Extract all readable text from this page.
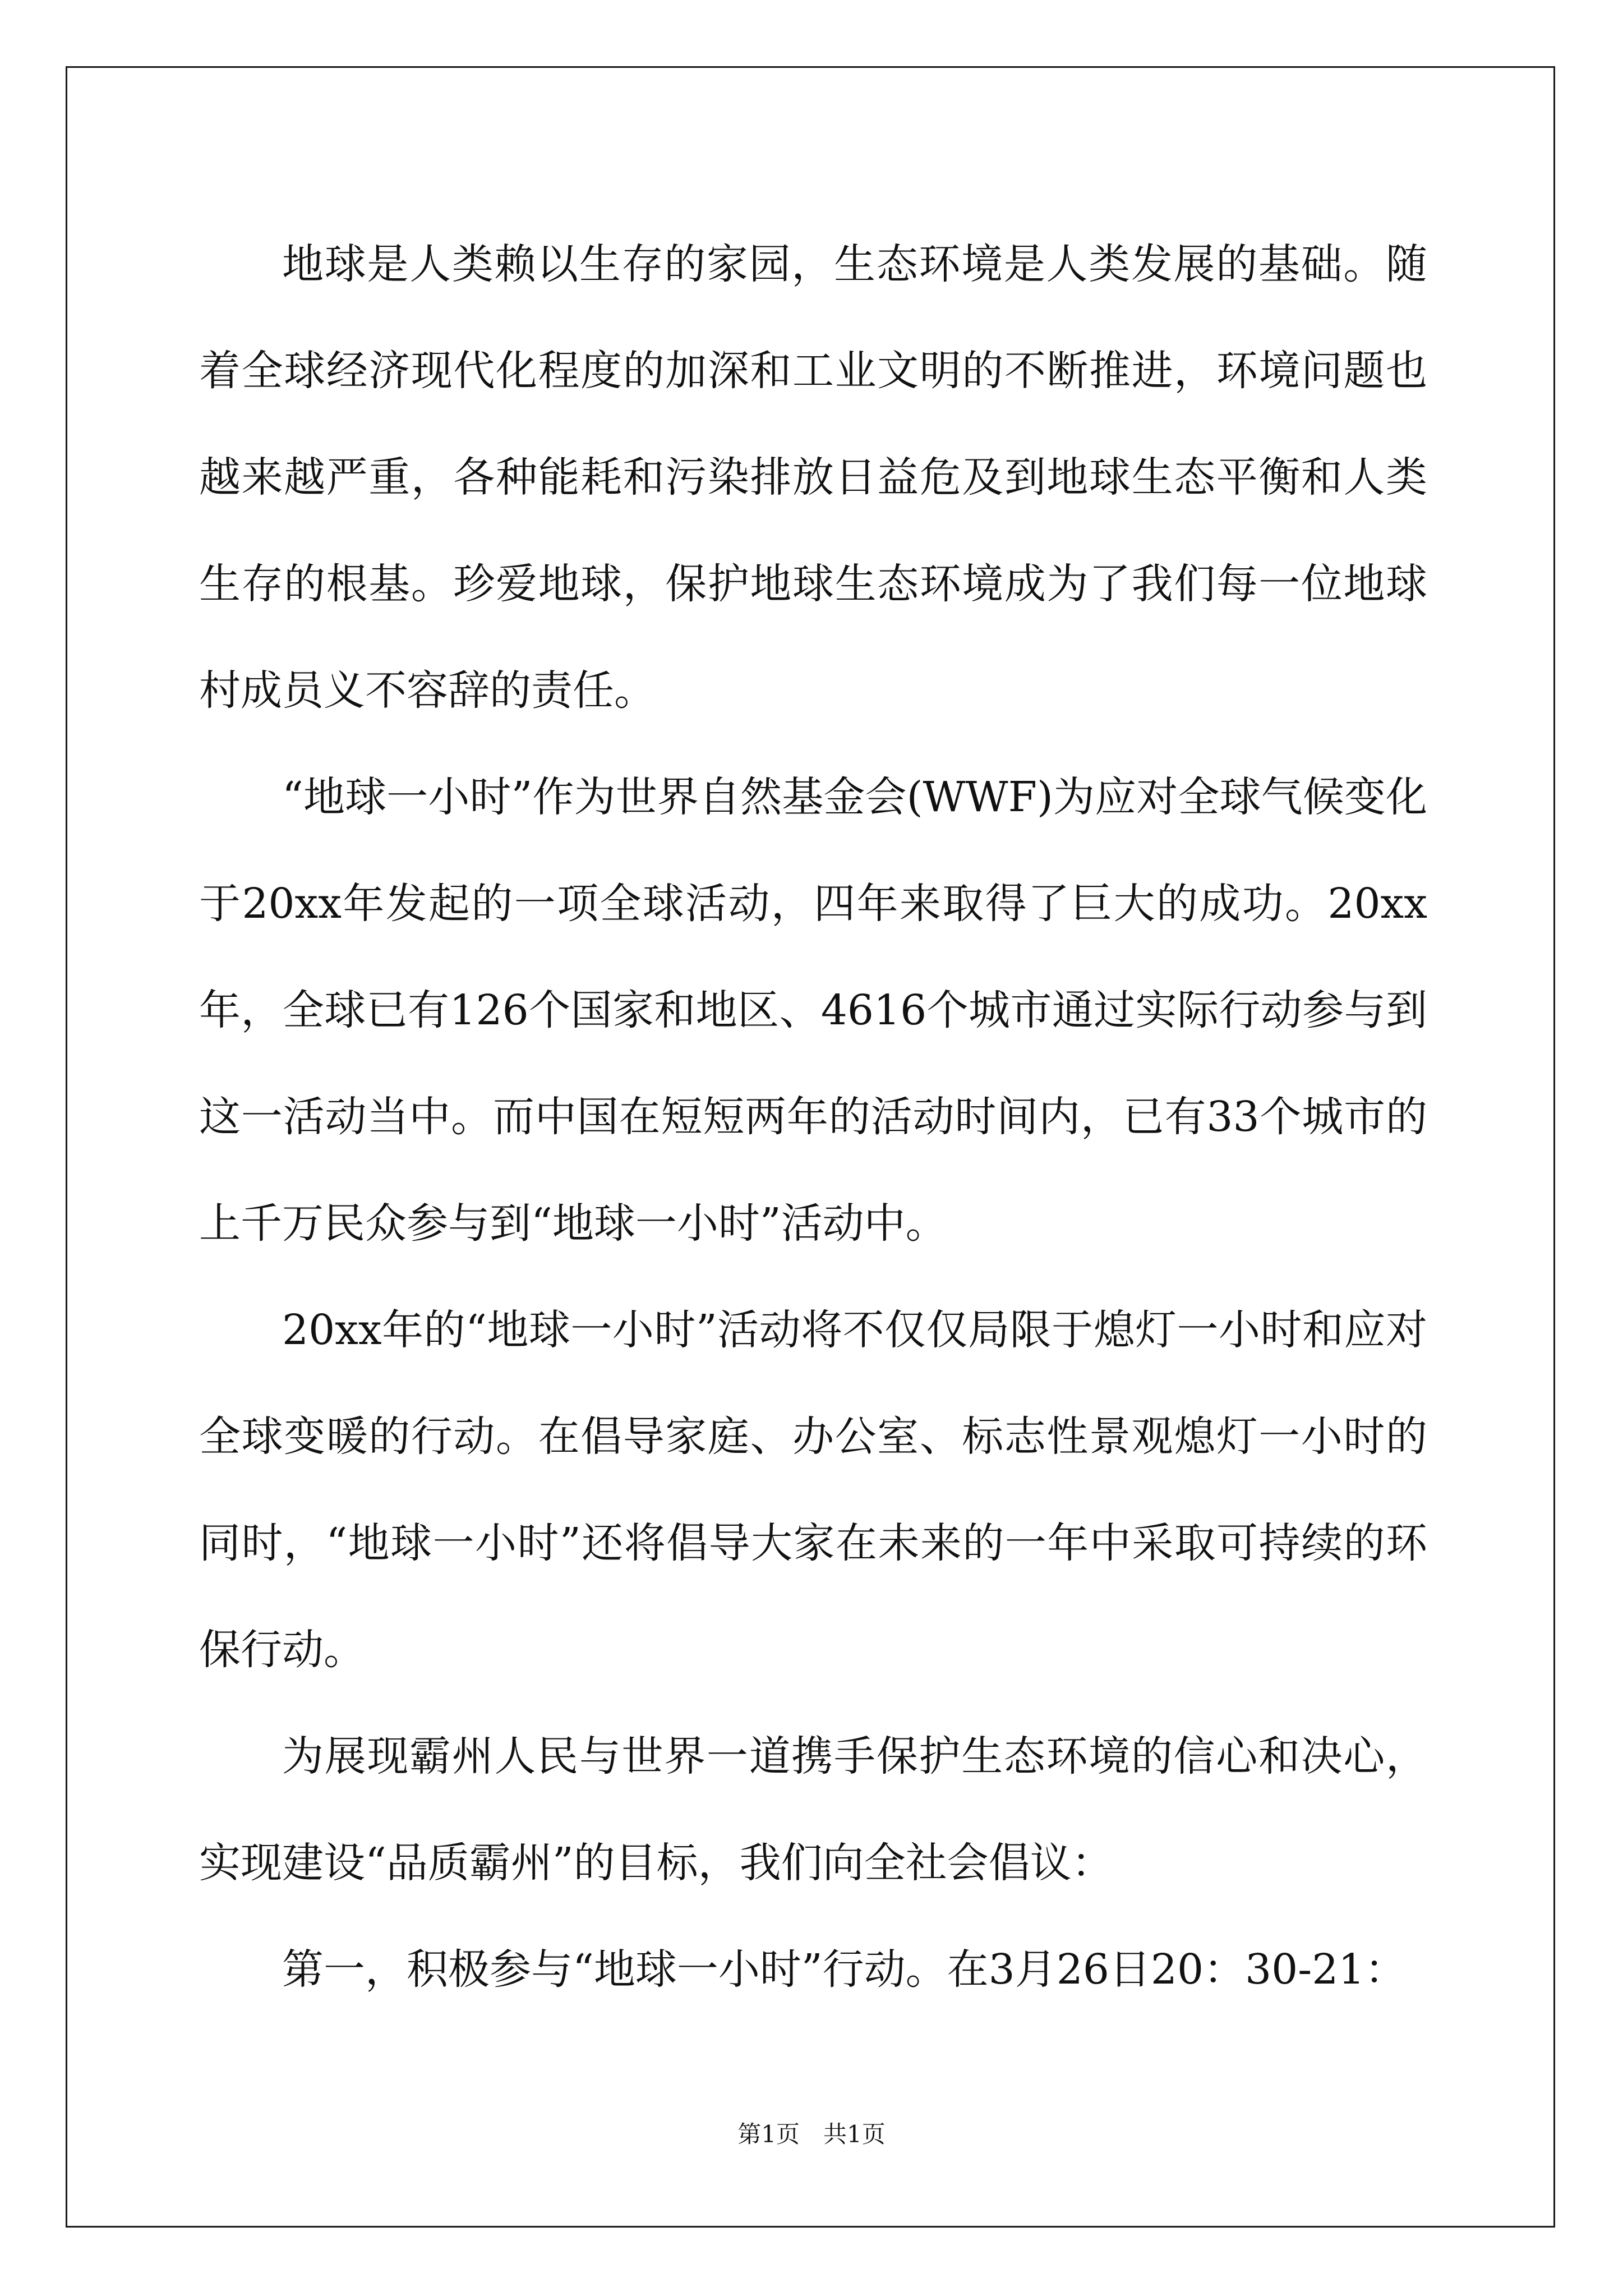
地球是人类赖以生存的家园，生态环境是人类发展的基础。随着全球经济现代化程度的加深和工业文明的不断推进，环境问题也越来越严重，各种能耗和污染排放日益危及到地球生态平衡和人类生存的根基。珍爱地球，保护地球生态环境成为了我们每一位地球村成员义不容辞的责任。

“地球一小时”作为世界自然基金会(WWF)为应对全球气候变化于20xx年发起的一项全球活动，四年来取得了巨大的成功。20xx年，全球已有126个国家和地区、4616个城市通过实际行动参与到这一活动当中。而中国在短短两年的活动时间内，已有33个城市的上千万民众参与到“地球一小时”活动中。

20xx年的“地球一小时”活动将不仅仅局限于熄灯一小时和应对全球变暖的行动。在倡导家庭、办公室、标志性景观熄灯一小时的同时，“地球一小时”还将倡导大家在未来的一年中采取可持续的环保行动。

为展现霸州人民与世界一道携手保护生态环境的信心和决心，实现建设“品质霸州”的目标，我们向全社会倡议：

第一，积极参与“地球一小时”行动。在3月26日20：30-21：

第1页　共1页
